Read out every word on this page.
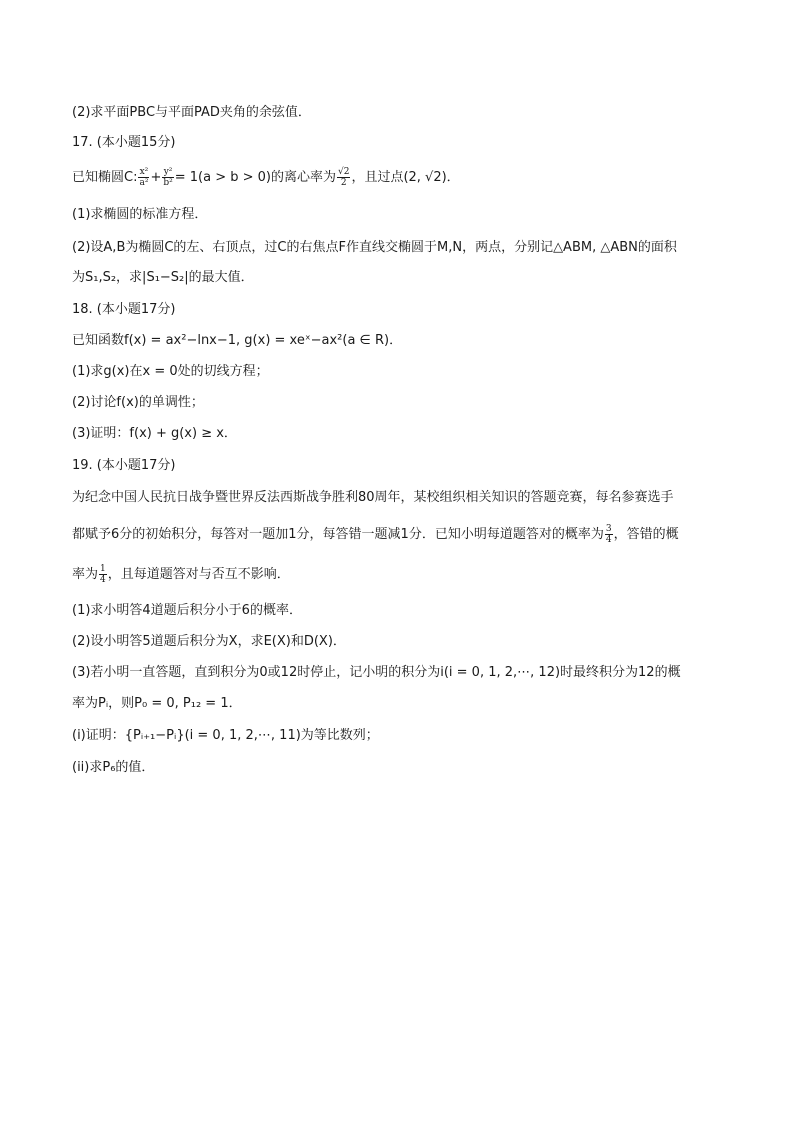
(2)求平面PBC与平面PAD夹角的余弦值．
17. (本小题15分)
已知椭圆C: $\frac{\text{x²}}{\text{a²}} + \frac{\text{y²}}{\text{b²}} = 1(a > b > 0)$的离心率为 $\frac{√2}{2}$ ，且过点(2, √2)．
(1)求椭圆的标准方程．
(2)设A,B为椭圆C的左、右顶点，过C的右焦点F作直线交椭圆于M,N，两点，分别记△ABM, △ABN的面积
为S₁,S₂，求|S₁−S₂|的最大值．
18. (本小题17分)
已知函数f(x) = ax²−lnx−1, g(x) = xeˣ−ax²(a ∈ R)．
(1)求g(x)在x = 0处的切线方程；
(2)讨论f(x)的单调性；
(3)证明：f(x) + g(x) ≥ x．
19. (本小题17分)
为纪念中国人民抗日战争暨世界反法西斯战争胜利80周年，某校组织相关知识的答题竞赛，每名参赛选手
都赋予6分的初始积分，每答对一题加1分，每答错一题减1分．已知小明每道题答对的概率为 $\frac{3}{4}$ ，答错的概
率为 $\frac{1}{4}$ ，且每道题答对与否互不影响．
(1)求小明答4道题后积分小于6的概率．
(2)设小明答5道题后积分为X，求E(X)和D(X)．
(3)若小明一直答题，直到积分为0或12时停止，记小明的积分为i(i = 0, 1, 2,⋯, 12)时最终积分为12的概
率为Pᵢ，则P₀ = 0, P₁₂ = 1．
(i)证明：{Pᵢ₊₁−Pᵢ}(i = 0, 1, 2,⋯, 11)为等比数列；
(ii)求P₆的值．
